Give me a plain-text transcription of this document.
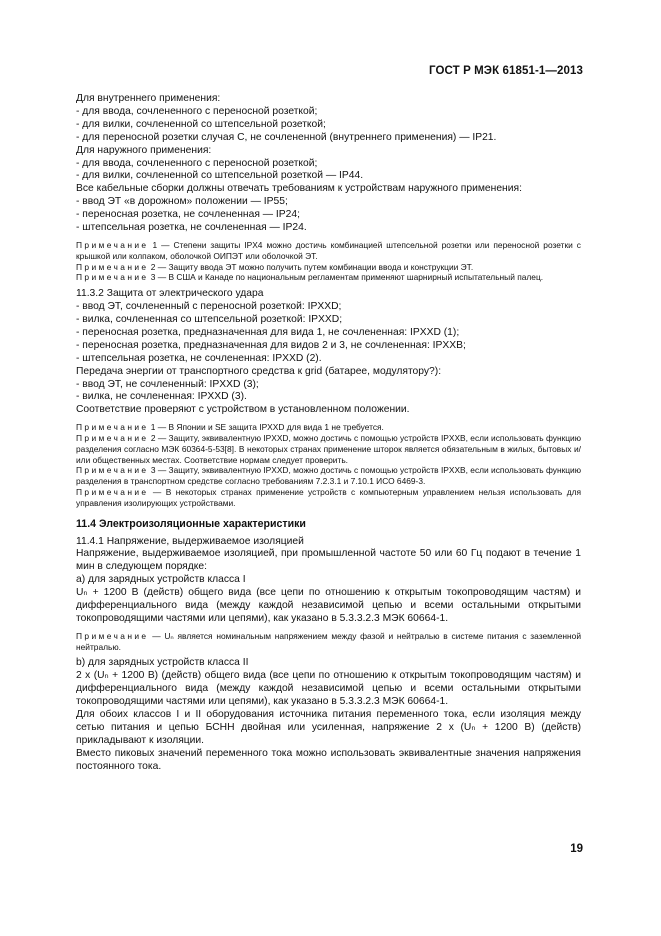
ГОСТ Р МЭК 61851-1—2013

Для внутреннего применения:

- для ввода, сочлененного с переносной розеткой;

- для вилки, сочлененной со штепсельной розеткой;

- для переносной розетки случая С, не сочлененной (внутреннего применения) — IP21.

Для наружного применения:

- для ввода, сочлененного с переносной розеткой;

- для вилки, сочлененной со штепсельной розеткой — IP44.

Все кабельные сборки должны отвечать требованиям к устройствам наружного применения:

- ввод ЭТ «в дорожном» положении — IP55;

- переносная розетка, не сочлененная — IP24;

- штепсельная розетка, не сочлененная — IP24.

Примечание 1 — Степени защиты IPX4 можно достичь комбинацией штепсельной розетки или переносной розетки с крышкой или колпаком, оболочкой ОИПЭТ или оболочкой ЭТ.

Примечание 2 — Защиту ввода ЭТ можно получить путем комбинации ввода и конструкции ЭТ.

Примечание 3 — В США и Канаде по национальным регламентам применяют шарнирный испытательный палец.

11.3.2 Защита от электрического удара

- ввод ЭТ, сочлененный с переносной розеткой: IPXXD;

- вилка, сочлененная со штепсельной розеткой: IPXXD;

- переносная розетка, предназначенная для вида 1, не сочлененная: IPXXD (1);

- переносная розетка, предназначенная для видов 2 и 3, не сочлененная: IPXXB;

- штепсельная розетка, не сочлененная: IPXXD (2).

Передача энергии от транспортного средства к grid (батарее, модулятору?):

- ввод ЭТ, не сочлененный: IPXXD (3);

- вилка, не сочлененная: IPXXD (3).

Соответствие проверяют с устройством в установленном положении.

Примечание 1 — В Японии и SE защита IPXXD для вида 1 не требуется.

Примечание 2 — Защиту, эквивалентную IPXXD, можно достичь с помощью устройств IPXXB, если использовать функцию разделения согласно МЭК 60364-5-53[8]. В некоторых странах применение шторок является обязательным в жилых, бытовых и/или общественных местах. Соответствие нормам следует проверить.

Примечание 3 — Защиту, эквивалентную IPXXD, можно достичь с помощью устройств IPXXB, если использовать функцию разделения в транспортном средстве согласно требованиям 7.2.3.1 и 7.10.1 ИСО 6469-3.

Примечание — В некоторых странах применение устройств с компьютерным управлением нельзя использовать для управления изолирующих устройствами.

11.4 Электроизоляционные характеристики

11.4.1 Напряжение, выдерживаемое изоляцией

Напряжение, выдерживаемое изоляцией, при промышленной частоте 50 или 60 Гц подают в течение 1 мин в следующем порядке:

а) для зарядных устройств класса I

Uₙ + 1200 В (действ) общего вида (все цепи по отношению к открытым токопроводящим частям) и дифференциального вида (между каждой независимой цепью и всеми остальными открытыми токопроводящими частями или цепями), как указано в 5.3.3.2.3 МЭК 60664-1.

Примечание — Uₙ является номинальным напряжением между фазой и нейтралью в системе питания с заземленной нейтралью.

b) для зарядных устройств класса II

2 x (Uₙ + 1200 В) (действ) общего вида (все цепи по отношению к открытым токопроводящим частям) и дифференциального вида (между каждой независимой цепью и всеми остальными открытыми токопроводящими частями или цепями), как указано в 5.3.3.2.3 МЭК 60664-1.

Для обоих классов I и II оборудования источника питания переменного тока, если изоляция между сетью питания и цепью БСНН двойная или усиленная, напряжение 2 x (Uₙ + 1200 В) (действ) прикладывают к изоляции.

Вместо пиковых значений переменного тока можно использовать эквивалентные значения напряжения постоянного тока.

19
